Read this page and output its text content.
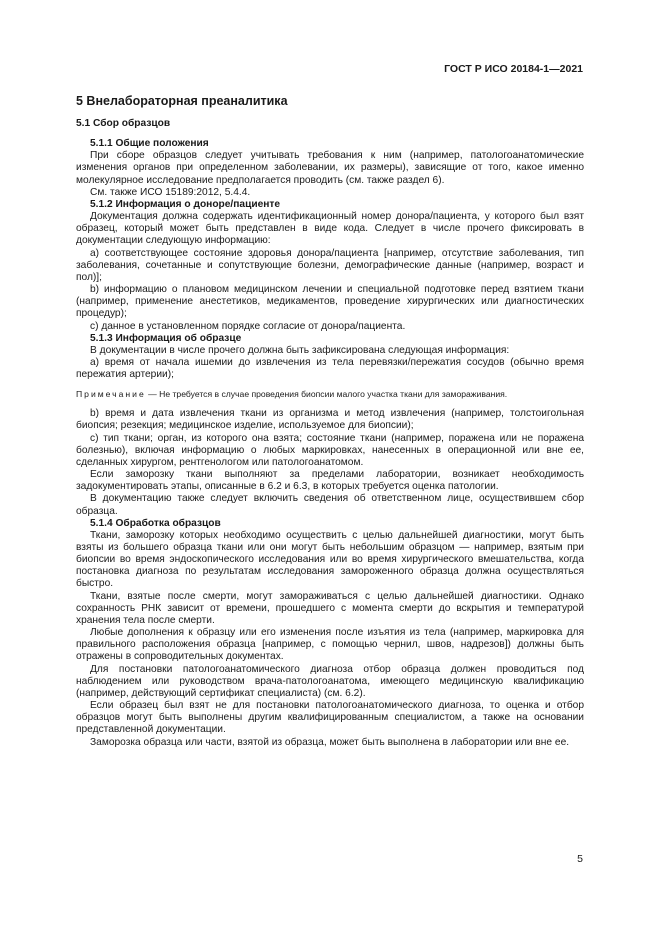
ГОСТ Р ИСО 20184-1—2021
5 Внелабораторная преаналитика
5.1 Сбор образцов
5.1.1 Общие положения

При сборе образцов следует учитывать требования к ним (например, патологоанатомические изменения органов при определенном заболевании, их размеры), зависящие от того, какое именно молекулярное исследование предполагается проводить (см. также раздел 6).

См. также ИСО 15189:2012, 5.4.4.

5.1.2 Информация о доноре/пациенте

Документация должна содержать идентификационный номер донора/пациента, у которого был взят образец, который может быть представлен в виде кода. Следует в числе прочего фиксировать в документации следующую информацию:

а) соответствующее состояние здоровья донора/пациента [например, отсутствие заболевания, тип заболевания, сочетанные и сопутствующие болезни, демографические данные (например, возраст и пол)];

b) информацию о плановом медицинском лечении и специальной подготовке перед взятием ткани (например, применение анестетиков, медикаментов, проведение хирургических или диагностических процедур);

c) данное в установленном порядке согласие от донора/пациента.

5.1.3 Информация об образце

В документации в числе прочего должна быть зафиксирована следующая информация:

а) время от начала ишемии до извлечения из тела перевязки/пережатия сосудов (обычно время пережатия артерии);

Примечание — Не требуется в случае проведения биопсии малого участка ткани для замораживания.

b) время и дата извлечения ткани из организма и метод извлечения (например, толстоигольная биопсия; резекция; медицинское изделие, используемое для биопсии);

с) тип ткани; орган, из которого она взята; состояние ткани (например, поражена или не поражена болезнью), включая информацию о любых маркировках, нанесенных в операционной или вне ее, сделанных хирургом, рентгенологом или патологоанатомом.

Если заморозку ткани выполняют за пределами лаборатории, возникает необходимость задокументировать этапы, описанные в 6.2 и 6.3, в которых требуется оценка патологии.

В документацию также следует включить сведения об ответственном лице, осуществившем сбор образца.

5.1.4 Обработка образцов

Ткани, заморозку которых необходимо осуществить с целью дальнейшей диагностики, могут быть взяты из большего образца ткани или они могут быть небольшим образцом — например, взятым при биопсии во время эндоскопического исследования или во время хирургического вмешательства, когда постановка диагноза по результатам исследования замороженного образца должна осуществляться быстро.

Ткани, взятые после смерти, могут замораживаться с целью дальнейшей диагностики. Однако сохранность РНК зависит от времени, прошедшего с момента смерти до вскрытия и температурой хранения тела после смерти.

Любые дополнения к образцу или его изменения после изъятия из тела (например, маркировка для правильного расположения образца [например, с помощью чернил, швов, надрезов]) должны быть отражены в сопроводительных документах.

Для постановки патологоанатомического диагноза отбор образца должен проводиться под наблюдением или руководством врача-патологоанатома, имеющего медицинскую квалификацию (например, действующий сертификат специалиста) (см. 6.2).

Если образец был взят не для постановки патологоанатомического диагноза, то оценка и отбор образцов могут быть выполнены другим квалифицированным специалистом, а также на основании представленной документации.

Заморозка образца или части, взятой из образца, может быть выполнена в лаборатории или вне ее.

5
